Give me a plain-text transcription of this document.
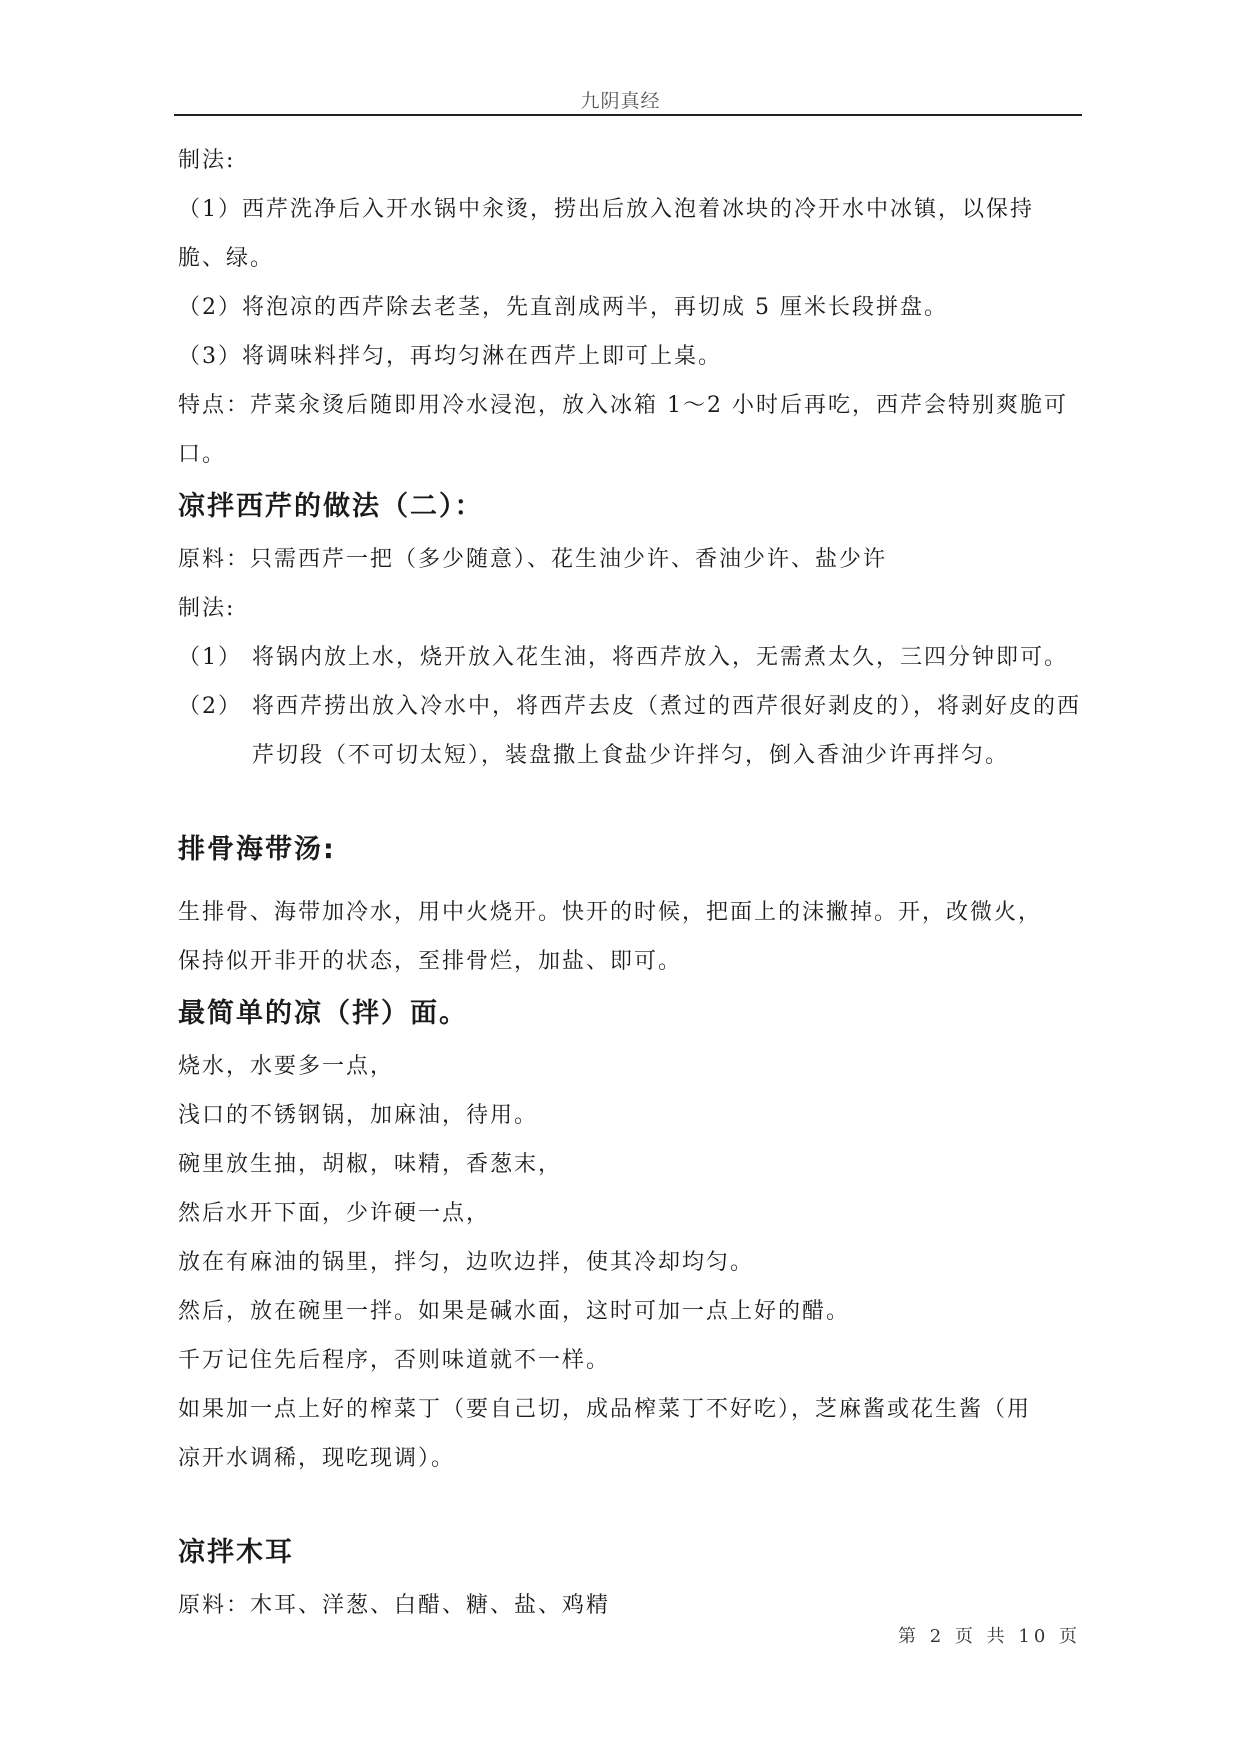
九阴真经

制法:

（1）西芹洗净后入开水锅中汆烫，捞出后放入泡着冰块的冷开水中冰镇，以保持

脆、绿。

（2）将泡凉的西芹除去老茎，先直剖成两半，再切成 5 厘米长段拼盘。

（3）将调味料拌匀，再均匀淋在西芹上即可上桌。

特点：芹菜汆烫后随即用冷水浸泡，放入冰箱 1～2 小时后再吃，西芹会特别爽脆可

口。

凉拌西芹的做法（二）：

原料：只需西芹一把（多少随意）、花生油少许、香油少许、盐少许

制法:

（1） 将锅内放上水，烧开放入花生油，将西芹放入，无需煮太久，三四分钟即可。
（2） 将西芹捞出放入冷水中，将西芹去皮（煮过的西芹很好剥皮的），将剥好皮的西芹切段（不可切太短），装盘撒上食盐少许拌匀，倒入香油少许再拌匀。
排骨海带汤:

生排骨、海带加冷水，用中火烧开。快开的时候，把面上的沫撇掉。开，改微火，

保持似开非开的状态，至排骨烂，加盐、即可。

最简单的凉（拌）面。

烧水，水要多一点，

浅口的不锈钢锅，加麻油，待用。

碗里放生抽，胡椒，味精，香葱末，

然后水开下面，少许硬一点，

放在有麻油的锅里，拌匀，边吹边拌，使其冷却均匀。

然后，放在碗里一拌。如果是碱水面，这时可加一点上好的醋。

千万记住先后程序，否则味道就不一样。

如果加一点上好的榨菜丁（要自己切，成品榨菜丁不好吃），芝麻酱或花生酱（用

凉开水调稀，现吃现调）。

凉拌木耳

原料：木耳、洋葱、白醋、糖、盐、鸡精

第 2 页 共 10 页
